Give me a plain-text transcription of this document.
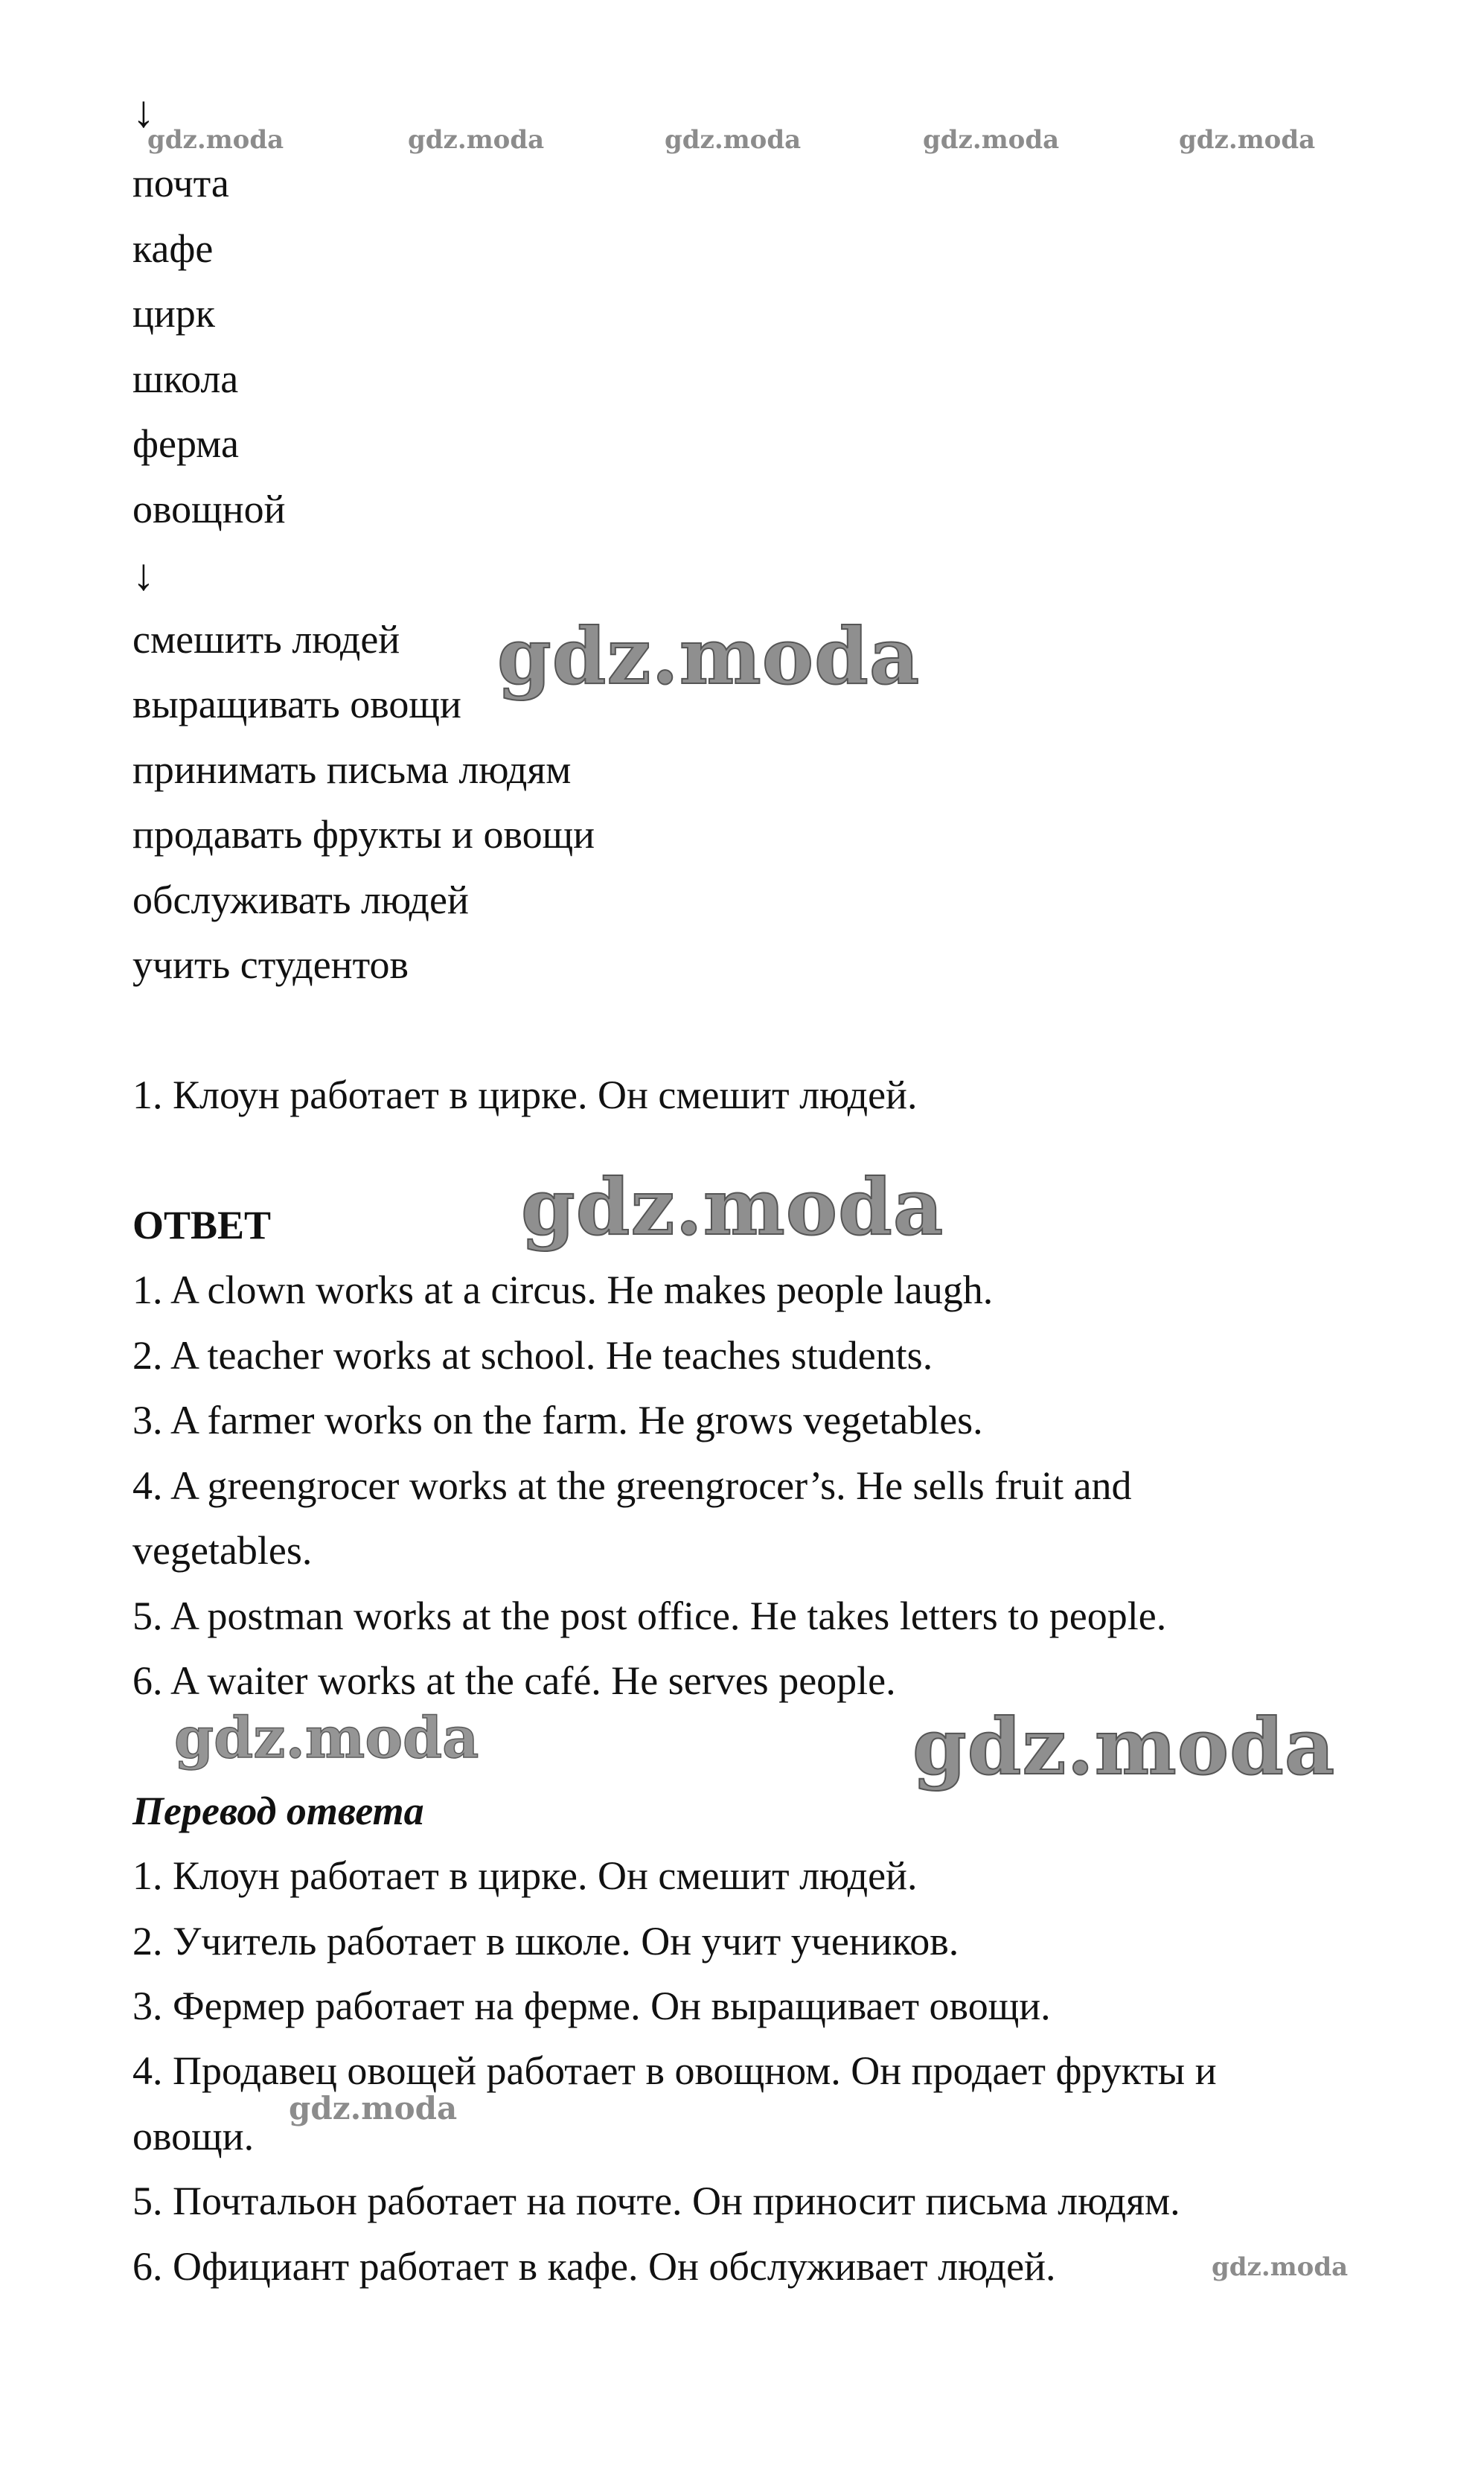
↓
gdz.moda	gdz.moda	gdz.moda	gdz.moda	gdz.moda
почта
кафе
цирк
школа
ферма
овощной
↓
смешить людей
выращивать овощи
принимать письма людям
продавать фрукты и овощи
обслуживать людей
учить студентов
gdz.moda
1. Клоун работает в цирке. Он смешит людей.
ОТВЕТ	gdz.moda
1. A clown works at a circus. He makes people laugh.
2. A teacher works at school. He teaches students.
3. A farmer works on the farm. He grows vegetables.
4. A greengrocer works at the greengrocer’s. He sells fruit and
vegetables.
5. A postman works at the post office. He takes letters to people.
6. A waiter works at the café. He serves people.
gdz.moda	gdz.moda
Перевод ответа
1. Клоун работает в цирке. Он смешит людей.
2. Учитель работает в школе. Он учит учеников.
3. Фермер работает на ферме. Он выращивает овощи.
4. Продавец овощей работает в овощном. Он продает фрукты и
овощи.
gdz.moda
5. Почтальон работает на почте. Он приносит письма людям.
6. Официант работает в кафе. Он обслуживает людей.	gdz.moda
